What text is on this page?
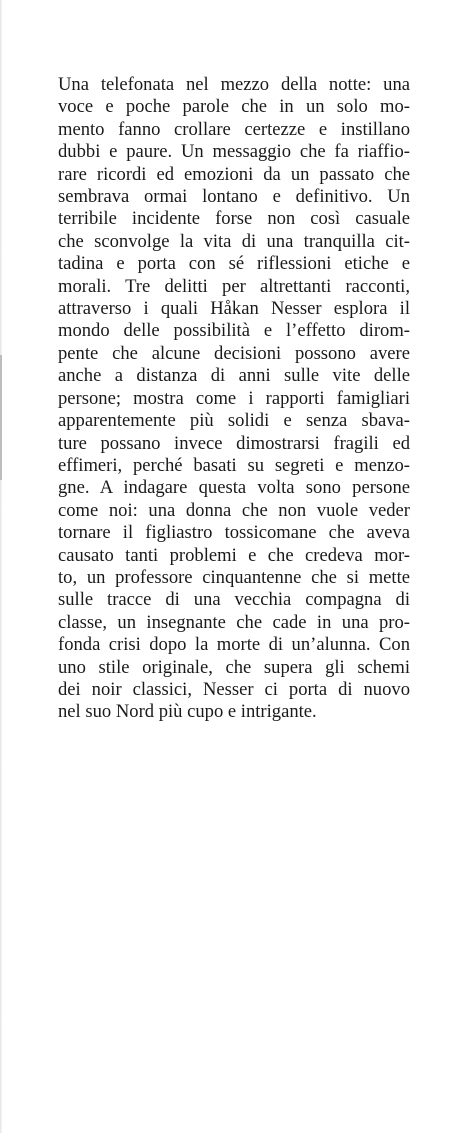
Una telefonata nel mezzo della notte: una
voce e poche parole che in un solo mo-
mento fanno crollare certezze e instillano
dubbi e paure. Un messaggio che fa riaffio-
rare ricordi ed emozioni da un passato che
sembrava ormai lontano e definitivo. Un
terribile incidente forse non così casuale
che sconvolge la vita di una tranquilla cit-
tadina e porta con sé riflessioni etiche e
morali. Tre delitti per altrettanti racconti,
attraverso i quali Håkan Nesser esplora il
mondo delle possibilità e l’effetto dirom-
pente che alcune decisioni possono avere
anche a distanza di anni sulle vite delle
persone; mostra come i rapporti famigliari
apparentemente più solidi e senza sbava-
ture possano invece dimostrarsi fragili ed
effimeri, perché basati su segreti e menzo-
gne. A indagare questa volta sono persone
come noi: una donna che non vuole veder
tornare il figliastro tossicomane che aveva
causato tanti problemi e che credeva mor-
to, un professore cinquantenne che si mette
sulle tracce di una vecchia compagna di
classe, un insegnante che cade in una pro-
fonda crisi dopo la morte di un’alunna. Con
uno stile originale, che supera gli schemi
dei noir classici, Nesser ci porta di nuovo
nel suo Nord più cupo e intrigante.
